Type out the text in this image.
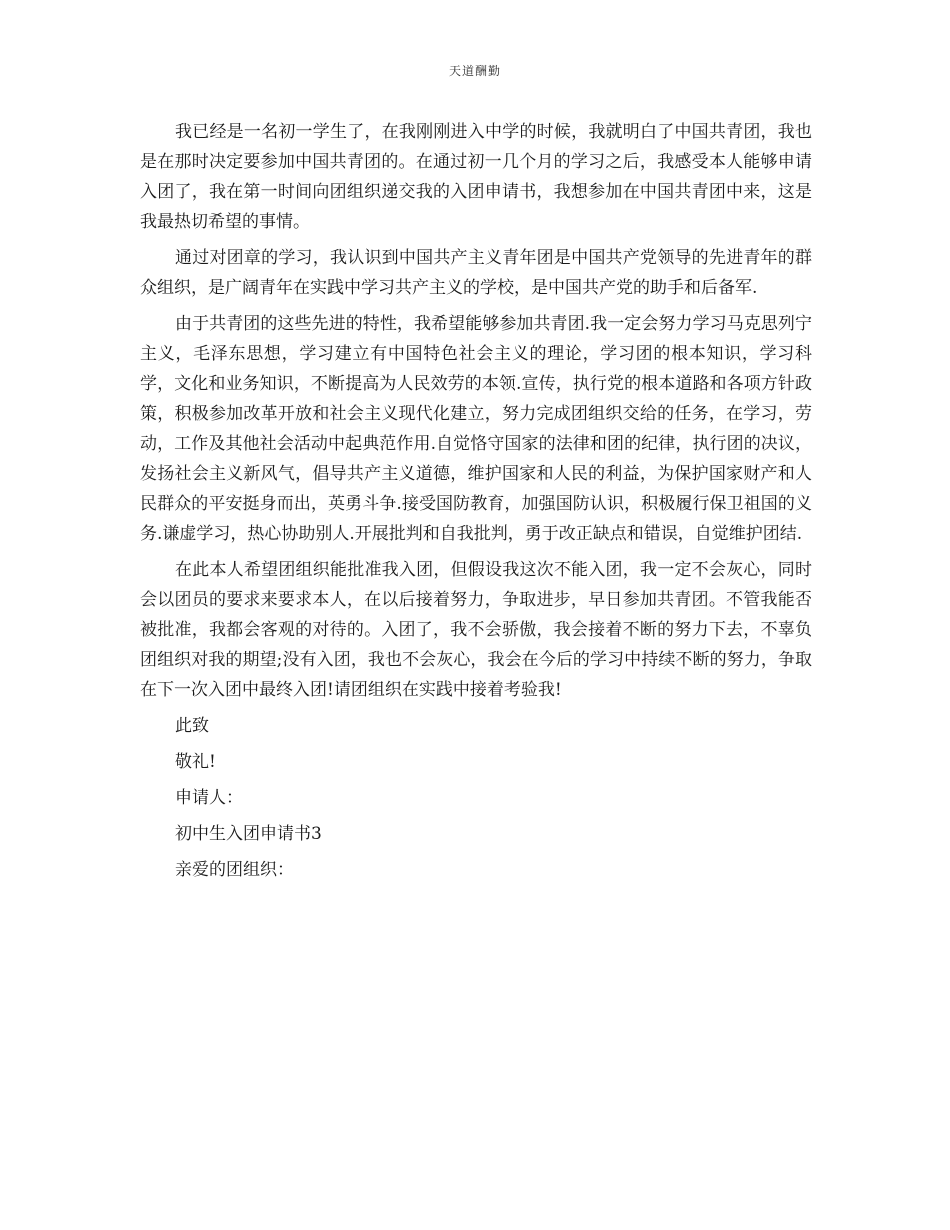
天道酬勤

我已经是一名初一学生了，在我刚刚进入中学的时候，我就明白了中国共青团，我也是在那时决定要参加中国共青团的。在通过初一几个月的学习之后，我感受本人能够申请入团了，我在第一时间向团组织递交我的入团申请书，我想参加在中国共青团中来，这是我最热切希望的事情。

通过对团章的学习，我认识到中国共产主义青年团是中国共产党领导的先进青年的群众组织，是广阔青年在实践中学习共产主义的学校，是中国共产党的助手和后备军.

由于共青团的这些先进的特性，我希望能够参加共青团.我一定会努力学习马克思列宁主义，毛泽东思想，学习建立有中国特色社会主义的理论，学习团的根本知识，学习科学，文化和业务知识，不断提高为人民效劳的本领.宣传，执行党的根本道路和各项方针政策，积极参加改革开放和社会主义现代化建立，努力完成团组织交给的任务，在学习，劳动，工作及其他社会活动中起典范作用.自觉恪守国家的法律和团的纪律，执行团的决议，发扬社会主义新风气，倡导共产主义道德，维护国家和人民的利益，为保护国家财产和人民群众的平安挺身而出，英勇斗争.接受国防教育，加强国防认识，积极履行保卫祖国的义务.谦虚学习，热心协助别人.开展批判和自我批判，勇于改正缺点和错误，自觉维护团结.

在此本人希望团组织能批准我入团，但假设我这次不能入团，我一定不会灰心，同时会以团员的要求来要求本人，在以后接着努力，争取进步，早日参加共青团。不管我能否被批准，我都会客观的对待的。入团了，我不会骄傲，我会接着不断的努力下去，不辜负团组织对我的期望;没有入团，我也不会灰心，我会在今后的学习中持续不断的努力，争取在下一次入团中最终入团!请团组织在实践中接着考验我!

此致

敬礼!

申请人：

初中生入团申请书3

亲爱的团组织：
